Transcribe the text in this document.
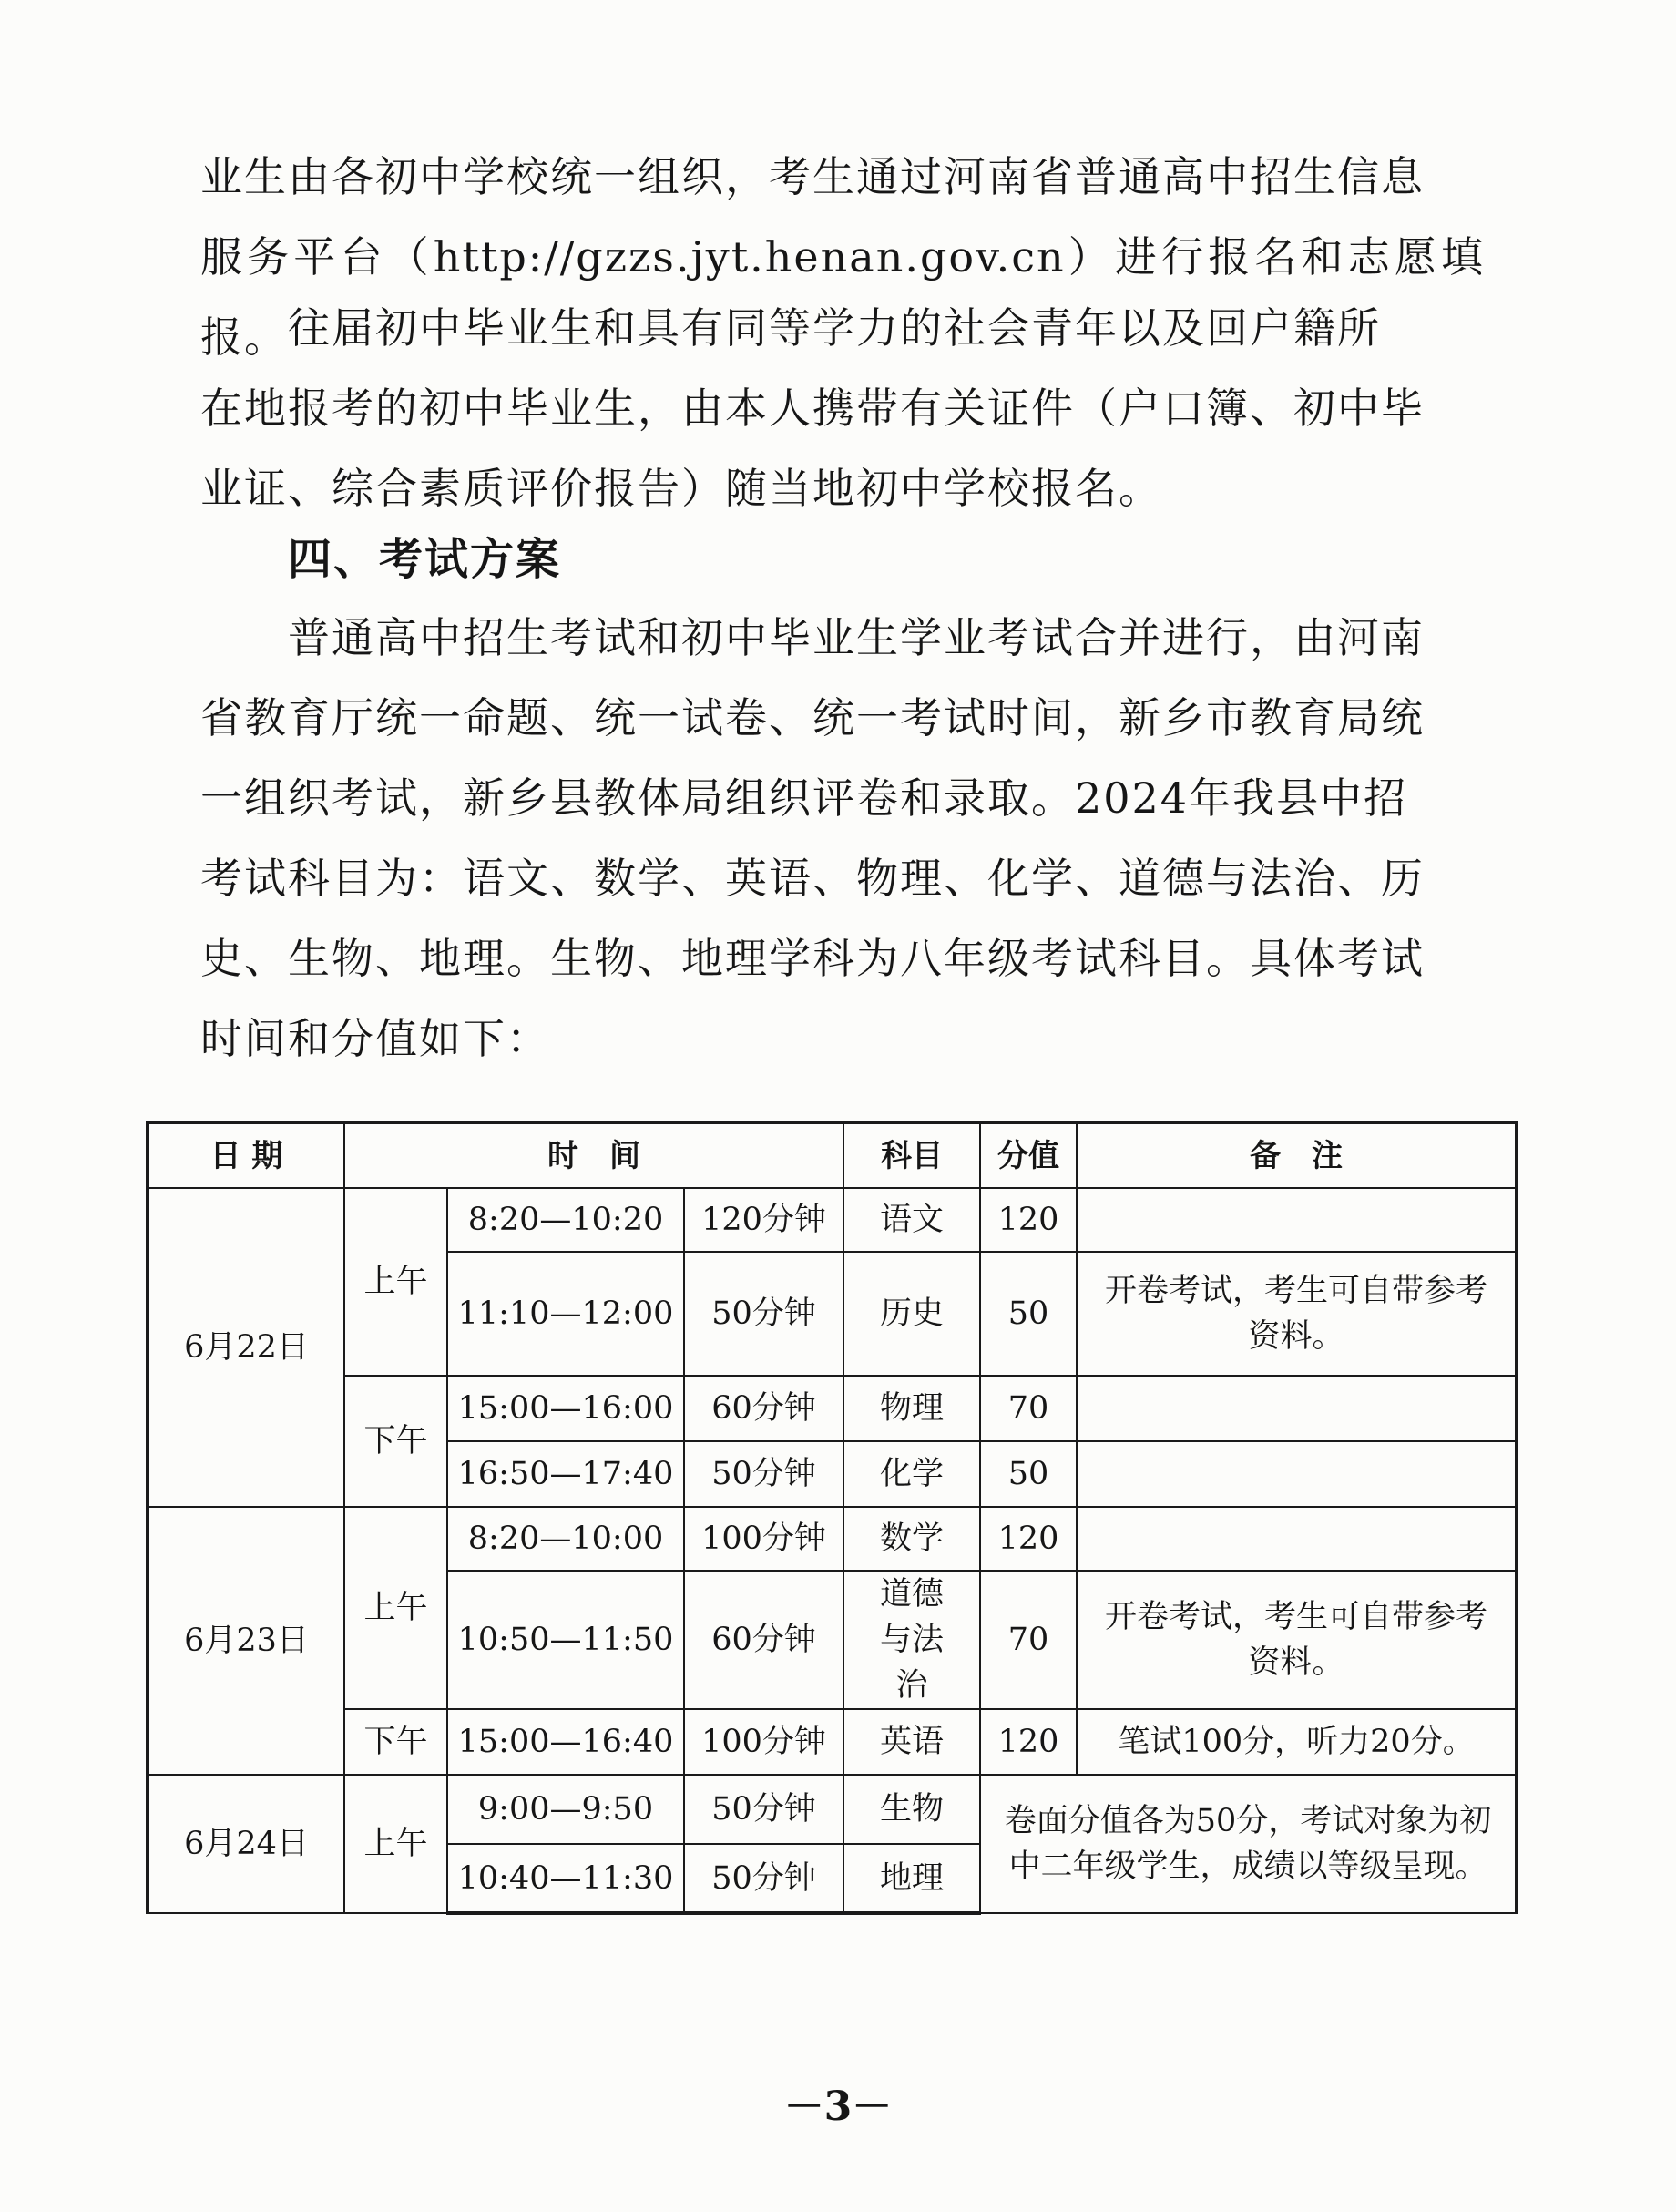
业生由各初中学校统一组织，考生通过河南省普通高中招生信息
服务平台（http://gzzs.jyt.henan.gov.cn）进行报名和志愿填报。 往届初中毕业生和具有同等学力的社会青年以及回户籍所
在地报考的初中毕业生，由本人携带有关证件（户口簿、初中毕
业证、综合素质评价报告）随当地初中学校报名。

四、考试方案

普通高中招生考试和初中毕业生学业考试合并进行，由河南
省教育厅统一命题、统一试卷、统一考试时间，新乡市教育局统
一组织考试，新乡县教体局组织评卷和录取。2024年我县中招
考试科目为：语文、数学、英语、物理、化学、道德与法治、历
史、生物、地理。生物、地理学科为八年级考试科目。具体考试
时间和分值如下：

日 期	时　间			科目	分值	备　注
6月22日	上午	8:20—10:20	120分钟	语文	120	
		11:10—12:00	50分钟	历史	50	开卷考试，考生可自带参考资料。
	下午	15:00—16:00	60分钟	物理	70	
		16:50—17:40	50分钟	化学	50	
6月23日	上午	8:20—10:00	100分钟	数学	120	
		10:50—11:50	60分钟	道德与法治	70	开卷考试，考生可自带参考资料。
	下午	15:00—16:40	100分钟	英语	120	笔试100分，听力20分。
6月24日	上午	9:00—9:50	50分钟	生物	卷面分值各为50分，考试对象为初中二年级学生，成绩以等级呈现。	
		10:40—11:30	50分钟	地理		
－3－
